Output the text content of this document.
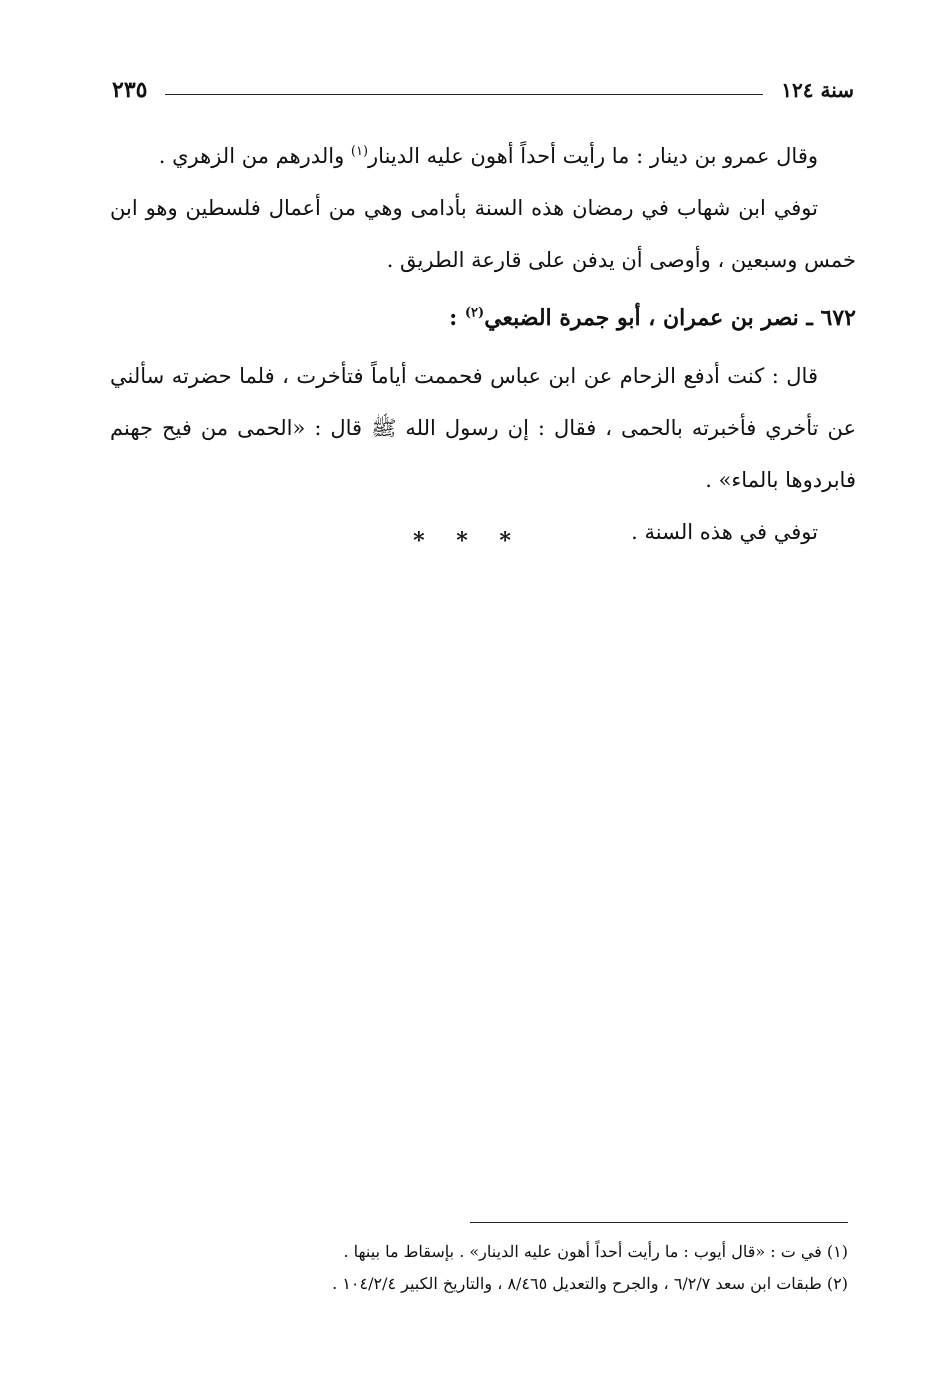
سنة ١٢٤
٢٣٥

وقال عمرو بن دينار : ما رأيت أحداً أهون عليه الدينار$^{(١)}$ والدرهم من الزهري .

توفي ابن شهاب في رمضان هذه السنة بأدامى وهي من أعمال فلسطين وهو ابن خمس وسبعين ، وأوصى أن يدفن على قارعة الطريق .

٦٧٢ ـ نصر بن عمران ، أبو جمرة الضبعي$^{(٢)}$ :

قال : كنت أدفع الزحام عن ابن عباس فحممت أياماً فتأخرت ، فلما حضرته سألني عن تأخري فأخبرته بالحمى ، فقال : إن رسول الله ﷺ قال : «الحمى من فيح جهنم فابردوها بالماء» .

توفي في هذه السنة .

* * *
(١) في ت : «قال أيوب : ما رأيت أحداً أهون عليه الدينار» . بإسقاط ما بينها .
(٢) طبقات ابن سعد ٦/٢/٧ ، والجرح والتعديل ٨/٤٦٥ ، والتاريخ الكبير ١٠٤/٢/٤ .
